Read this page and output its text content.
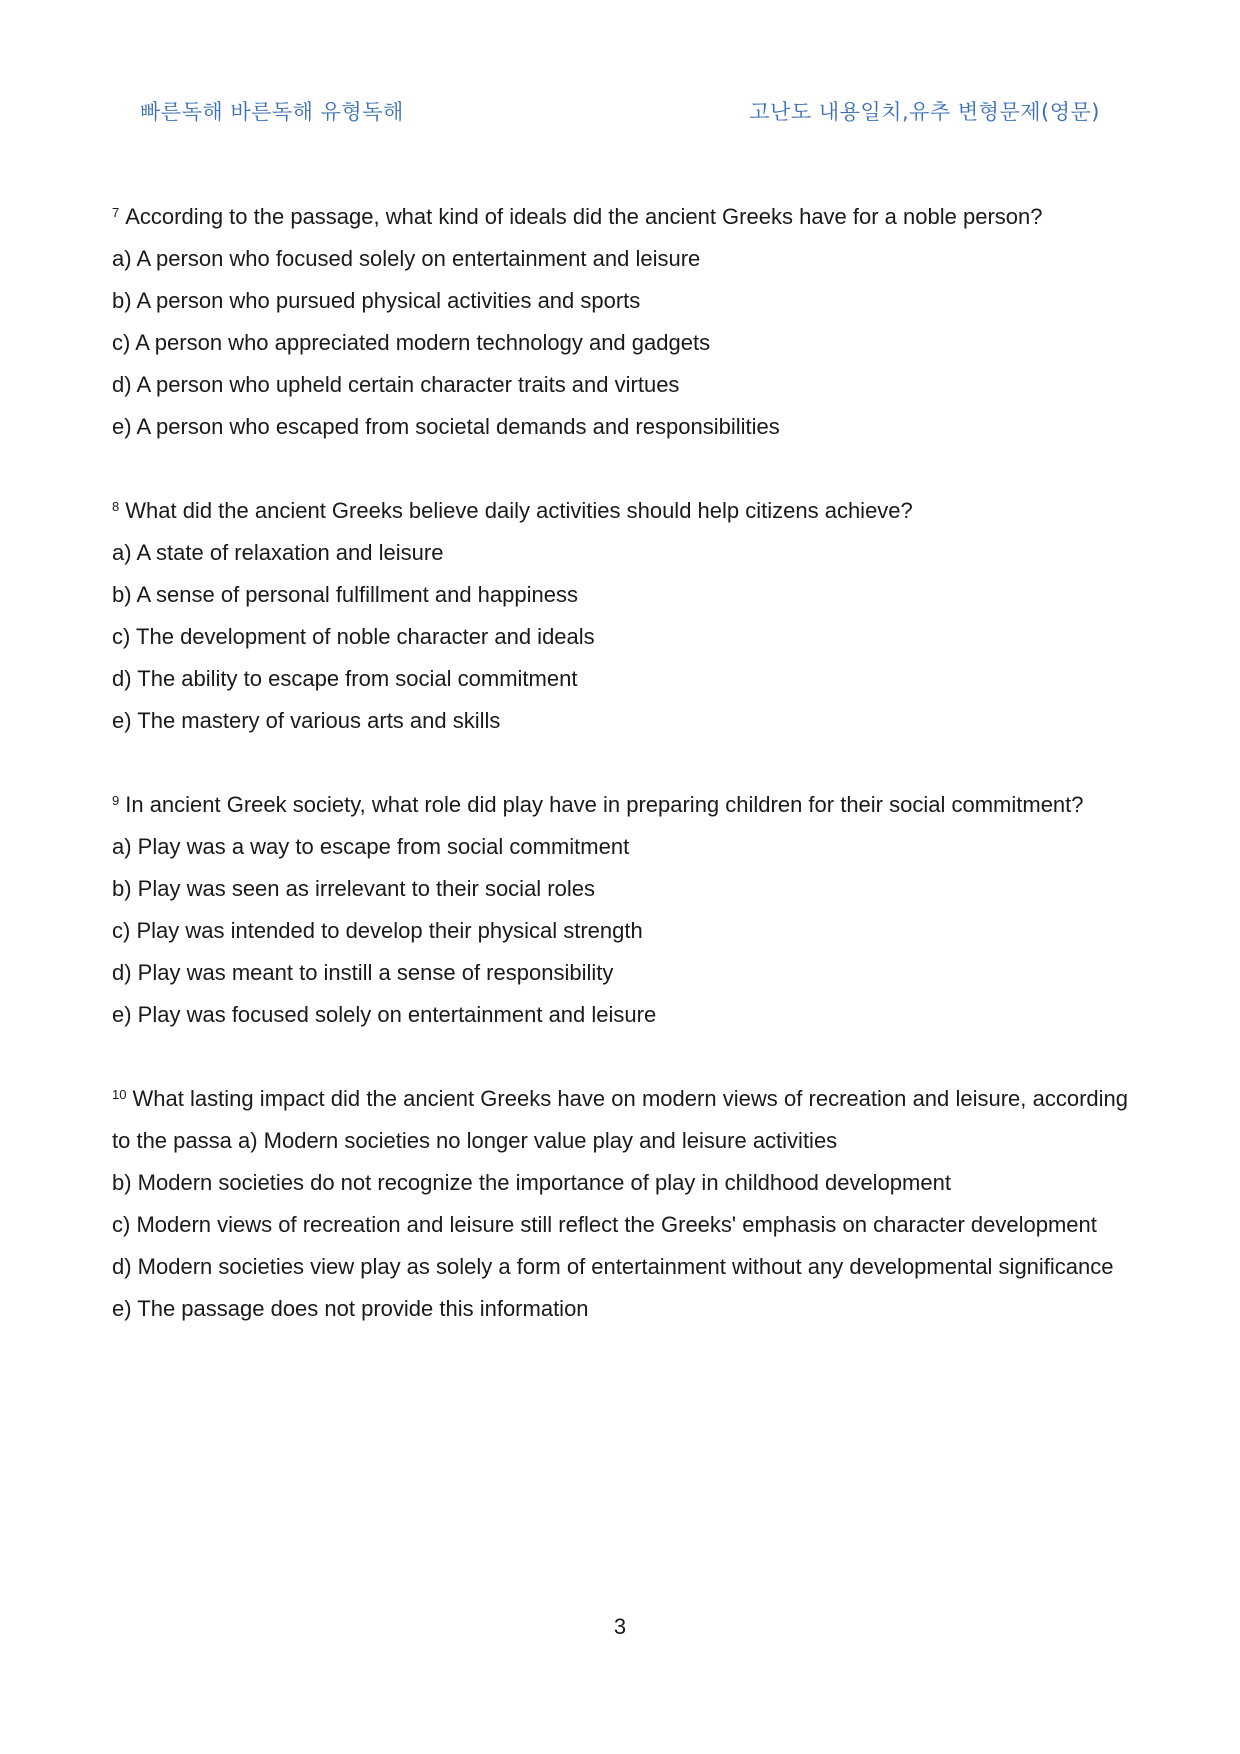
빠른독해 바른독해 유형독해	고난도 내용일치,유추 변형문제(영문)

$^7$ According to the passage, what kind of ideals did the ancient Greeks have for a noble person?

a) A person who focused solely on entertainment and leisure

b) A person who pursued physical activities and sports

c) A person who appreciated modern technology and gadgets

d) A person who upheld certain character traits and virtues

e) A person who escaped from societal demands and responsibilities

$^8$ What did the ancient Greeks believe daily activities should help citizens achieve?

a) A state of relaxation and leisure

b) A sense of personal fulfillment and happiness

c) The development of noble character and ideals

d) The ability to escape from social commitment

e) The mastery of various arts and skills

$^9$ In ancient Greek society, what role did play have in preparing children for their social commitment?

a) Play was a way to escape from social commitment

b) Play was seen as irrelevant to their social roles

c) Play was intended to develop their physical strength

d) Play was meant to instill a sense of responsibility

e) Play was focused solely on entertainment and leisure

$^{10}$ What lasting impact did the ancient Greeks have on modern views of recreation and leisure, according to the passa a) Modern societies no longer value play and leisure activities

b) Modern societies do not recognize the importance of play in childhood development

c) Modern views of recreation and leisure still reflect the Greeks' emphasis on character development

d) Modern societies view play as solely a form of entertainment without any developmental significance

e) The passage does not provide this information

3
